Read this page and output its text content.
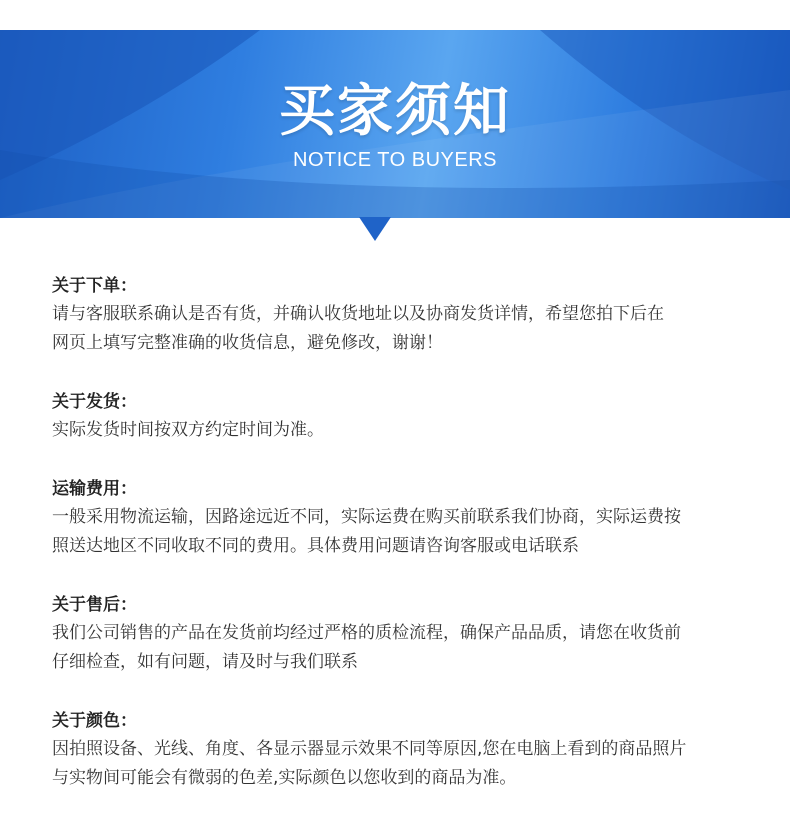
买家须知
NOTICE TO BUYERS

关于下单：

请与客服联系确认是否有货，并确认收货地址以及协商发货详情，希望您拍下后在

网页上填写完整准确的收货信息，避免修改，谢谢！

关于发货：

实际发货时间按双方约定时间为准。

运输费用：

一般采用物流运输，因路途远近不同，实际运费在购买前联系我们协商，实际运费按

照送达地区不同收取不同的费用。具体费用问题请咨询客服或电话联系

关于售后：

我们公司销售的产品在发货前均经过严格的质检流程，确保产品品质，请您在收货前

仔细检查，如有问题，请及时与我们联系

关于颜色：

因拍照设备、光线、角度、各显示器显示效果不同等原因,您在电脑上看到的商品照片

与实物间可能会有微弱的色差,实际颜色以您收到的商品为准。
